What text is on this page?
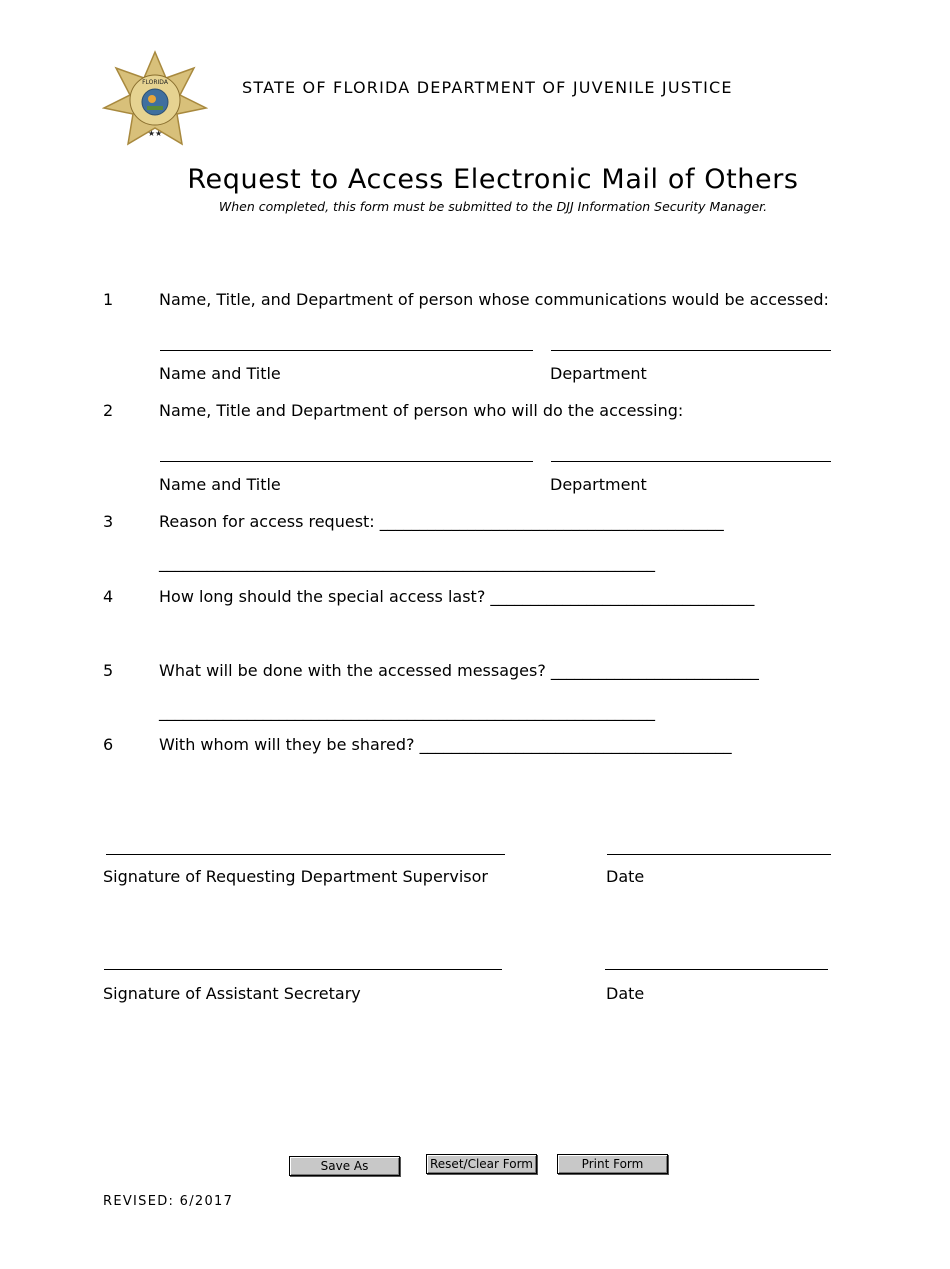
FLORIDA
★★
STATE OF FLORIDA DEPARTMENT OF JUVENILE JUSTICE
Request to Access Electronic Mail of Others
When completed, this form must be submitted to the DJJ Information Security Manager.
1	Name, Title, and Department of person whose communications would be accessed:
Name and Title	Department
2	Name, Title and Department of person who will do the accessing:
Name and Title	Department
3	Reason for access request: ___________________________________________
______________________________________________________________
4	How long should the special access last? _________________________________
5	What will be done with the accessed messages? __________________________
______________________________________________________________
6	With whom will they be shared? _______________________________________
Signature of Requesting Department Supervisor	Date
Signature of Assistant Secretary	Date
Save As	Reset/Clear Form	Print Form
REVISED: 6/2017
